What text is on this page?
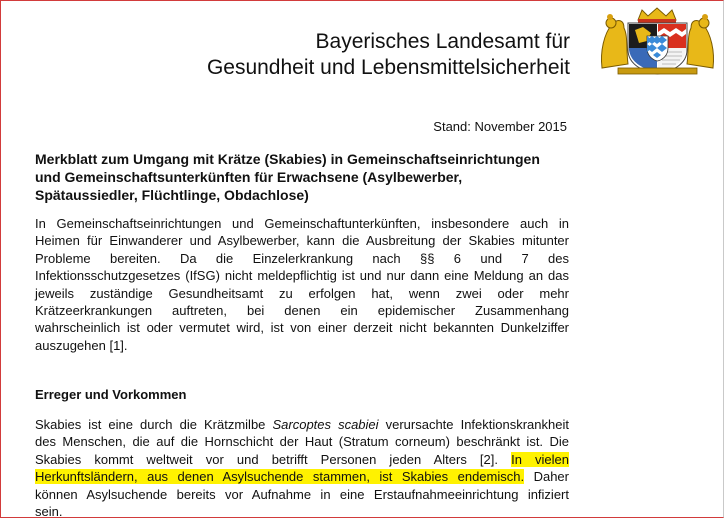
Bayerisches Landesamt für
Gesundheit und Lebensmittelsicherheit
Stand: November 2015
Merkblatt zum Umgang mit Krätze (Skabies) in Gemeinschaftseinrichtungen
und Gemeinschaftsunterkünften für Erwachsene (Asylbewerber,
Spätaussiedler, Flüchtlinge, Obdachlose)
In Gemeinschaftseinrichtungen und Gemeinschaftunterkünften, insbesondere auch in
Heimen für Einwanderer und Asylbewerber, kann die Ausbreitung der Skabies mitunter
Probleme bereiten. Da die Einzelerkrankung nach §§ 6 und 7 des
Infektionsschutzgesetzes (IfSG) nicht meldepflichtig ist und nur dann eine Meldung an das
jeweils zuständige Gesundheitsamt zu erfolgen hat, wenn zwei oder mehr
Krätzeerkrankungen auftreten, bei denen ein epidemischer Zusammenhang
wahrscheinlich ist oder vermutet wird, ist von einer derzeit nicht bekannten Dunkelziffer
auszugehen [1].
Erreger und Vorkommen
Skabies ist eine durch die Krätzmilbe Sarcoptes scabiei verursachte Infektionskrankheit
des Menschen, die auf die Hornschicht der Haut (Stratum corneum) beschränkt ist. Die
Skabies kommt weltweit vor und betrifft Personen jeden Alters [2]. In vielen
Herkunftsländern, aus denen Asylsuchende stammen, ist Skabies endemisch. Daher
können Asylsuchende bereits vor Aufnahme in eine Erstaufnahmeeinrichtung infiziert
sein.
